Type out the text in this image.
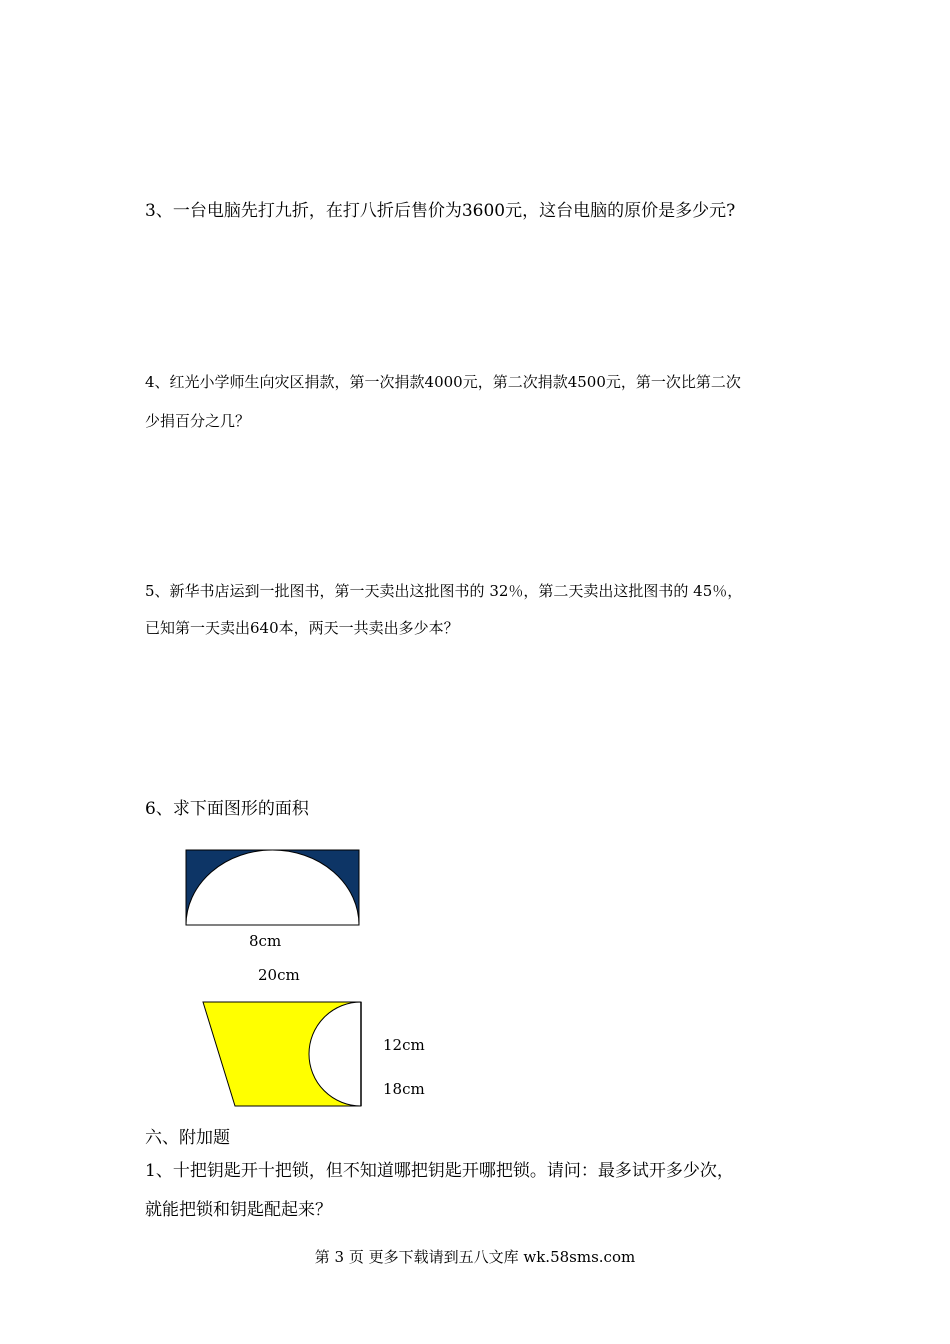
3、一台电脑先打九折，在打八折后售价为3600元，这台电脑的原价是多少元?
4、红光小学师生向灾区捐款，第一次捐款4000元，第二次捐款4500元，第一次比第二次
少捐百分之几？
5、新华书店运到一批图书，第一天卖出这批图书的 32％，第二天卖出这批图书的 45％，
已知第一天卖出640本，两天一共卖出多少本？
6、求下面图形的面积
8cm
20cm
12cm
18cm
六、附加题
1、十把钥匙开十把锁，但不知道哪把钥匙开哪把锁。请问：最多试开多少次，
就能把锁和钥匙配起来？
第 3 页 更多下载请到五八文库 wk.58sms.com
